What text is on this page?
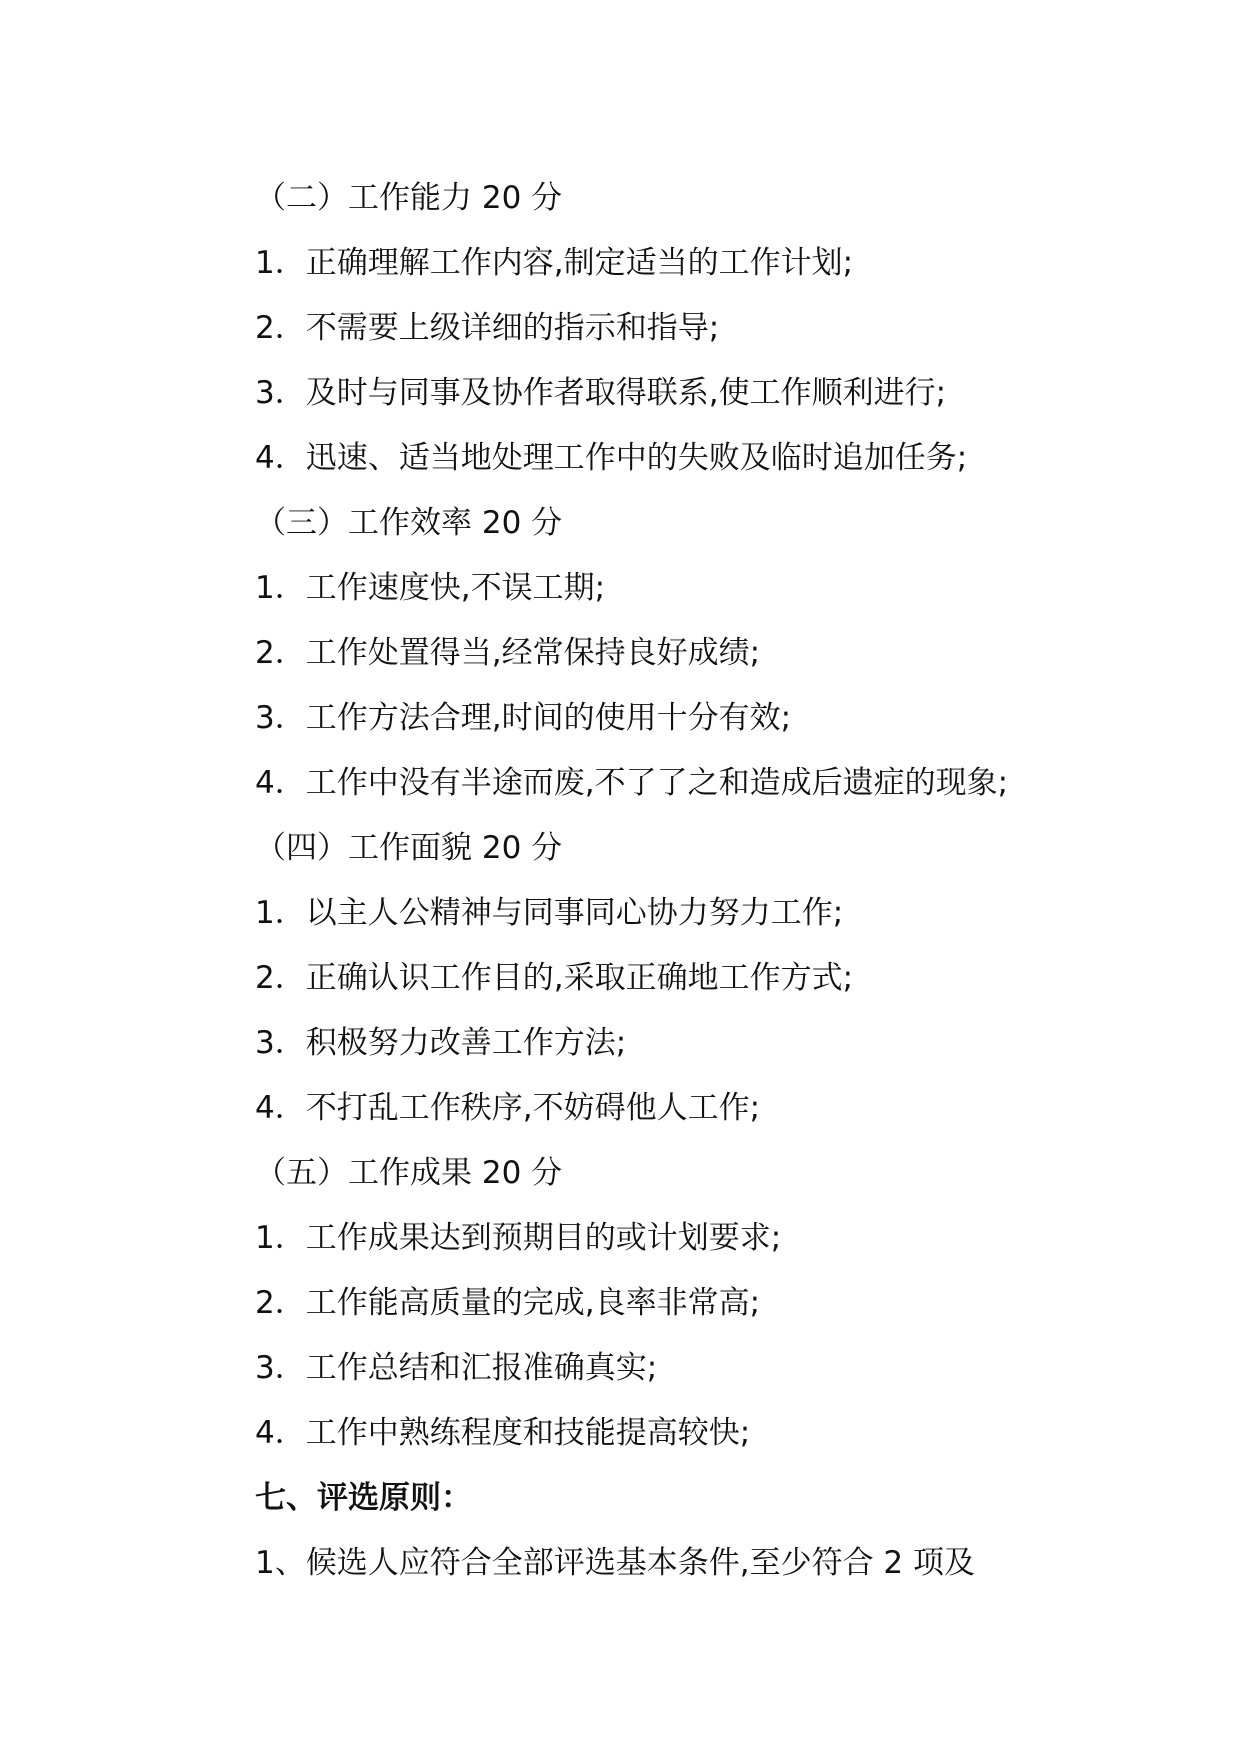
（二）工作能力 20 分
1．正确理解工作内容,制定适当的工作计划;
2．不需要上级详细的指示和指导;
3．及时与同事及协作者取得联系,使工作顺利进行;
4．迅速、适当地处理工作中的失败及临时追加任务;
（三）工作效率 20 分
1．工作速度快,不误工期;
2．工作处置得当,经常保持良好成绩;
3．工作方法合理,时间的使用十分有效;
4．工作中没有半途而废,不了了之和造成后遗症的现象;
（四）工作面貌 20 分
1．以主人公精神与同事同心协力努力工作;
2．正确认识工作目的,采取正确地工作方式;
3．积极努力改善工作方法;
4．不打乱工作秩序,不妨碍他人工作;
（五）工作成果 20 分
1．工作成果达到预期目的或计划要求;
2．工作能高质量的完成,良率非常高;
3．工作总结和汇报准确真实;
4．工作中熟练程度和技能提高较快;
七、评选原则：
1、候选人应符合全部评选基本条件,至少符合 2 项及
